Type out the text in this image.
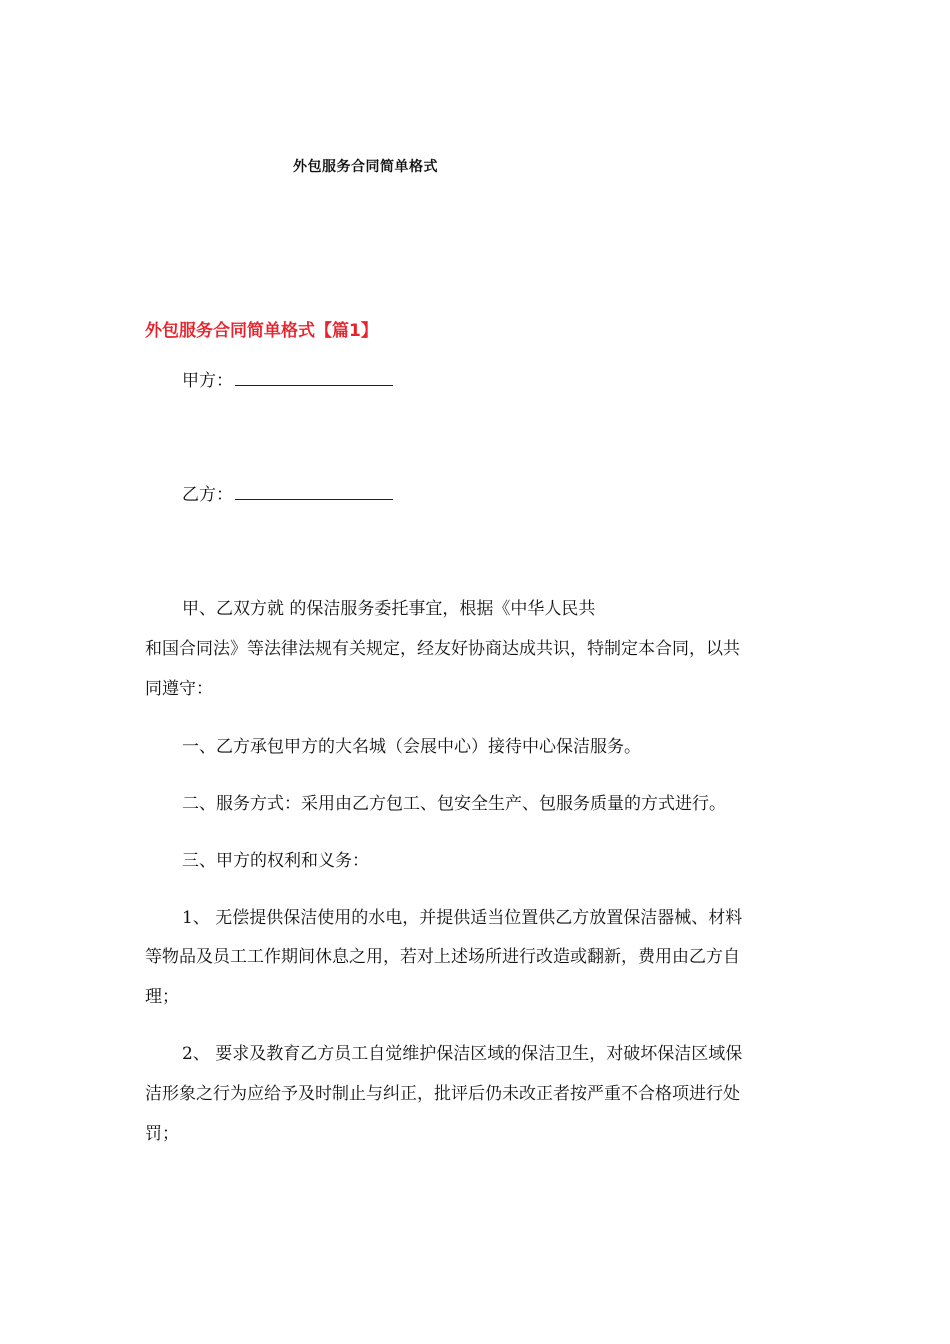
外包服务合同简单格式
外包服务合同简单格式【篇1】
甲方：
乙方：
甲、乙双方就 的保洁服务委托事宜，根据《中华人民共
和国合同法》等法律法规有关规定，经友好协商达成共识，特制定本合同，以共
同遵守：
一、乙方承包甲方的大名城（会展中心）接待中心保洁服务。
二、服务方式：采用由乙方包工、包安全生产、包服务质量的方式进行。
三、甲方的权利和义务：
1、 无偿提供保洁使用的水电，并提供适当位置供乙方放置保洁器械、材料
等物品及员工工作期间休息之用，若对上述场所进行改造或翻新，费用由乙方自
理；
2、 要求及教育乙方员工自觉维护保洁区域的保洁卫生，对破坏保洁区域保
洁形象之行为应给予及时制止与纠正，批评后仍未改正者按严重不合格项进行处
罚；
